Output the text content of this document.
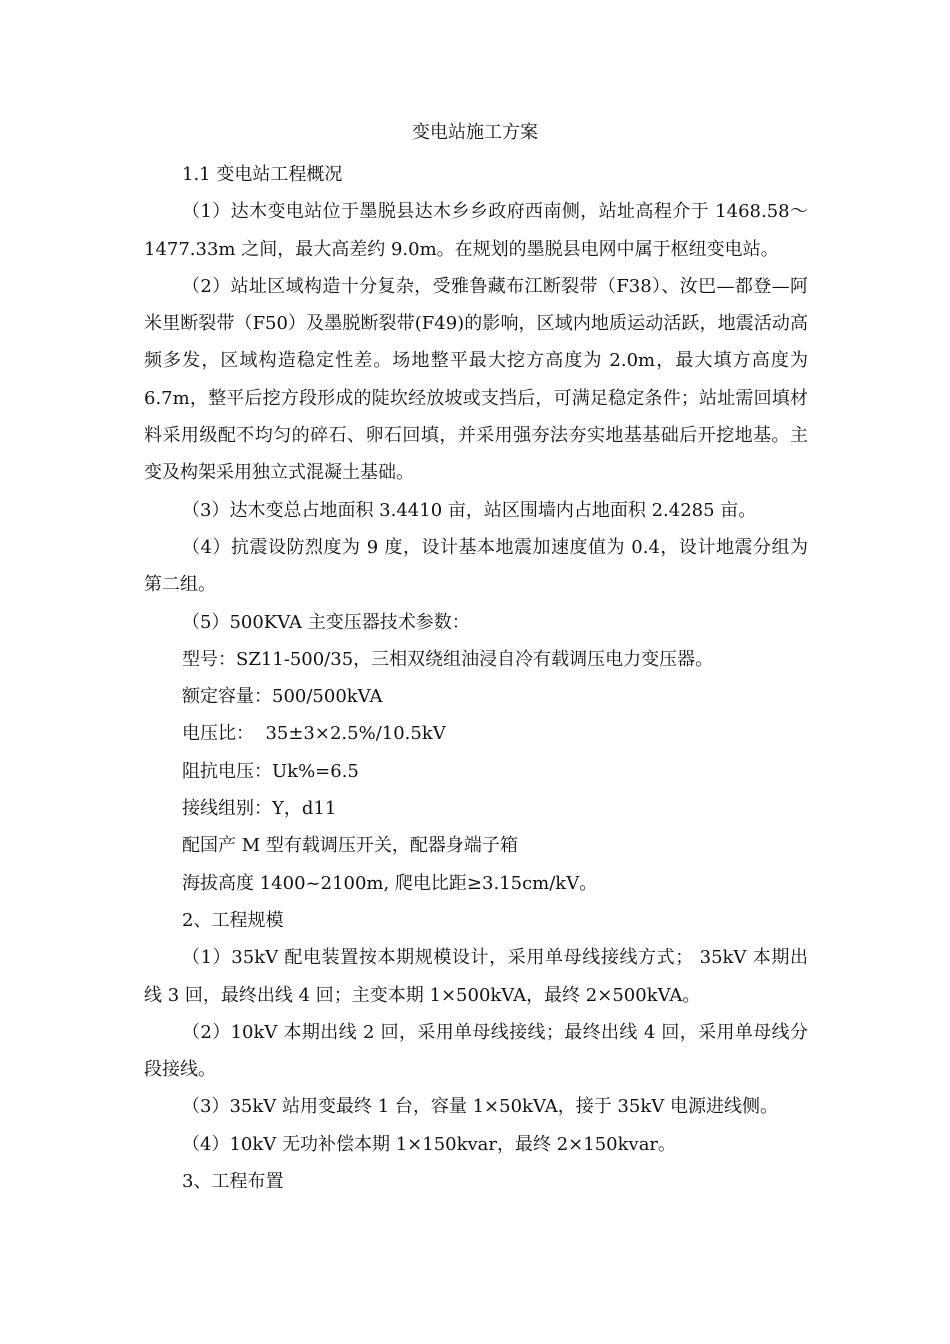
变电站施工方案

1.1 变电站工程概况

（1）达木变电站位于墨脱县达木乡乡政府西南侧，站址高程介于 1468.58～1477.33m 之间，最大高差约 9.0m。在规划的墨脱县电网中属于枢纽变电站。

（2）站址区域构造十分复杂，受雅鲁藏布江断裂带（F38）、汝巴—都登—阿米里断裂带（F50）及墨脱断裂带(F49)的影响，区域内地质运动活跃，地震活动高频多发，区域构造稳定性差。场地整平最大挖方高度为 2.0m，最大填方高度为 6.7m，整平后挖方段形成的陡坎经放坡或支挡后，可满足稳定条件；站址需回填材料采用级配不均匀的碎石、卵石回填，并采用强夯法夯实地基基础后开挖地基。主变及构架采用独立式混凝土基础。

（3）达木变总占地面积 3.4410 亩，站区围墙内占地面积 2.4285 亩。

（4）抗震设防烈度为 9 度，设计基本地震加速度值为 0.4，设计地震分组为第二组。

（5）500KVA 主变压器技术参数：

型号：SZ11-500/35，三相双绕组油浸自冷有载调压电力变压器。

额定容量：500/500kVA

电压比：  35±3×2.5%/10.5kV

阻抗电压：Uk%=6.5

接线组别：Y，d11

配国产 M 型有载调压开关，配器身端子箱

海拔高度 1400~2100m, 爬电比距≥3.15cm/kV。

2、工程规模

（1）35kV 配电装置按本期规模设计，采用单母线接线方式； 35kV 本期出线 3 回，最终出线 4 回；主变本期 1×500kVA，最终 2×500kVA。

（2）10kV 本期出线 2 回，采用单母线接线；最终出线 4 回，采用单母线分段接线。

（3）35kV 站用变最终 1 台，容量 1×50kVA，接于 35kV 电源进线侧。

（4）10kV 无功补偿本期 1×150kvar，最终 2×150kvar。

3、工程布置
